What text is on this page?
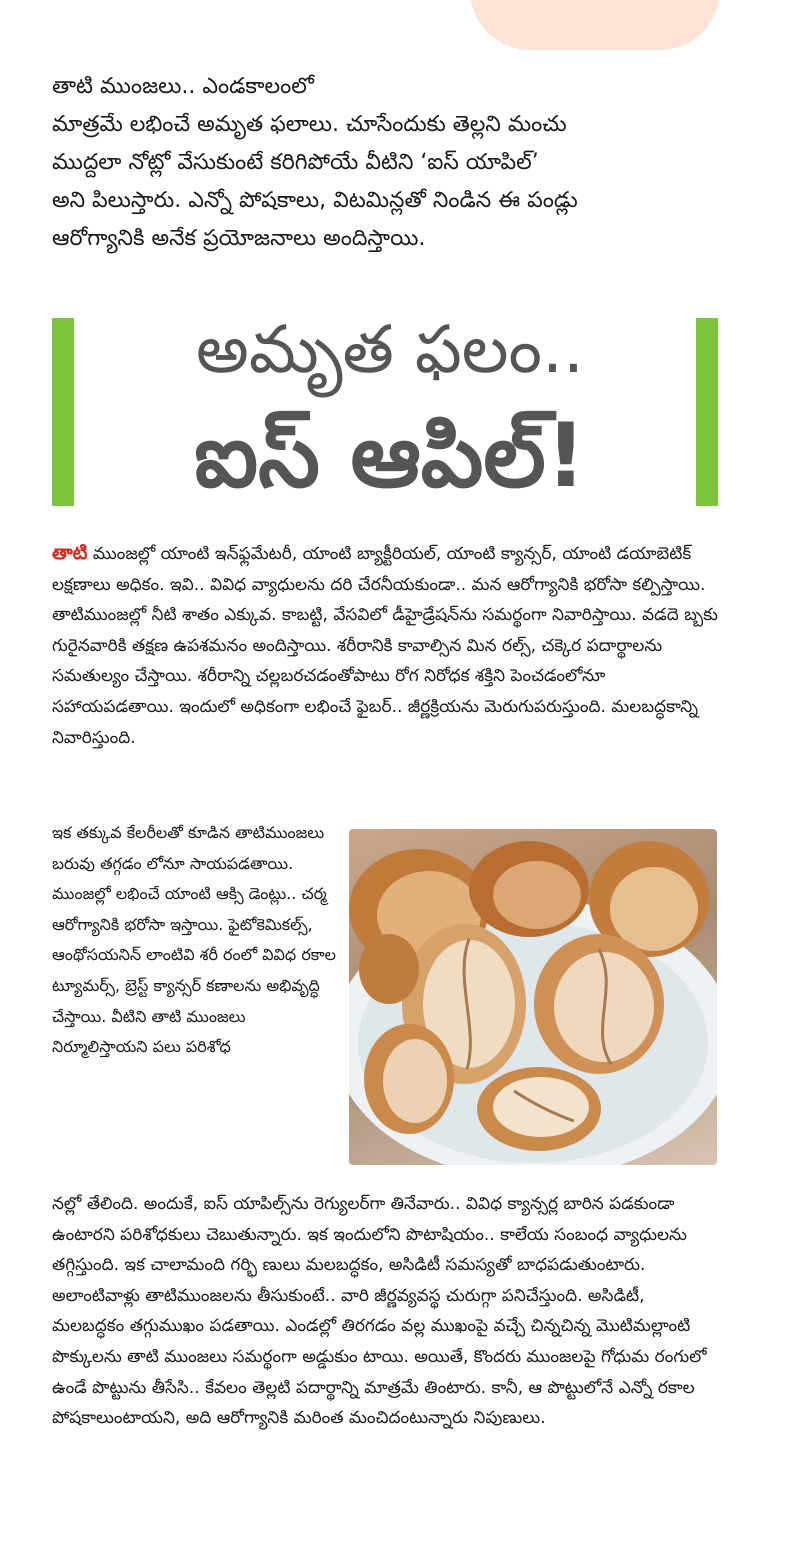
తాటి ముంజలు.. ఎండకాలంలో

మాత్రమే లభించే అమృత ఫలాలు. చూసేందుకు తెల్లని మంచు

ముద్దలా నోట్లో వేసుకుంటే కరిగిపోయే వీటిని ‘ఐస్ యాపిల్’

అని పిలుస్తారు. ఎన్నో పోషకాలు, విటమిన్లతో నిండిన ఈ పండ్లు

ఆరోగ్యానికి అనేక ప్రయోజనాలు అందిస్తాయి.

అమృత ఫలం..
ఐస్ ఆపిల్!

తాటి ముంజల్లో యాంటి ఇన్‌ఫ్లమేటరీ, యాంటి బ్యాక్టీరియల్, యాంటి క్యాన్సర్, యాంటి డయాబెటిక్ లక్షణాలు అధికం. ఇవి.. వివిధ వ్యాధులను దరి చేరనీయకుండా.. మన ఆరోగ్యానికి భరోసా కల్పిస్తాయి. తాటిముంజల్లో నీటి శాతం ఎక్కువ. కాబట్టి, వేసవిలో డీహైడ్రేషన్‌ను సమర్థంగా నివారిస్తాయి. వడదె బ్బకు గురైనవారికి తక్షణ ఉపశమనం అందిస్తాయి. శరీరానికి కావాల్సిన మిన రల్స్, చక్కెర పదార్థాలను సమతుల్యం చేస్తాయి. శరీరాన్ని చల్లబరచడంతోపాటు రోగ నిరోధక శక్తిని పెంచడంలోనూ సహాయపడతాయి. ఇందులో అధికంగా లభించే ఫైబర్.. జీర్ణక్రియను మెరుగుపరుస్తుంది. మలబద్ధకాన్ని నివారిస్తుంది.

ఇక తక్కువ కేలరీలతో కూడిన తాటిముంజలు బరువు తగ్గడం లోనూ సాయపడతాయి. ముంజల్లో లభించే యాంటి ఆక్సి డెంట్లు.. చర్మ ఆరోగ్యానికి భరోసా ఇస్తాయి. ఫైటోకెమికల్స్, ఆంథోసయనిన్ లాంటివి శరీ రంలో వివిధ రకాల ట్యూమర్స్, బ్రెస్ట్ క్యాన్సర్ కణాలను అభివృద్ధి చేస్తాయి. వీటిని తాటి ముంజలు నిర్మూలిస్తాయని పలు పరిశోధ

నల్లో తేలింది. అందుకే, ఐస్ యాపిల్స్‌ను రెగ్యులర్‌గా తినేవారు.. వివిధ క్యాన్సర్ల బారిన పడకుండా ఉంటారని పరిశోధకులు చెబుతున్నారు. ఇక ఇందులోని పొటాషియం.. కాలేయ సంబంధ వ్యాధులను తగ్గిస్తుంది. ఇక చాలామంది గర్భి ణులు మలబద్ధకం, అసిడిటీ సమస్యతో బాధపడుతుంటారు. అలాంటివాళ్లు తాటిముంజలను తీసుకుంటే.. వారి జీర్ణవ్యవస్థ చురుగ్గా పనిచేస్తుంది. అసిడిటీ, మలబద్ధకం తగ్గుముఖం పడతాయి. ఎండల్లో తిరగడం వల్ల ముఖంపై వచ్చే చిన్నచిన్న మొటిమల్లాంటి పొక్కులను తాటి ముంజలు సమర్థంగా అడ్డుకుం టాయి. అయితే, కొందరు ముంజలపై గోధుమ రంగులో ఉండే పొట్టును తీసేసి.. కేవలం తెల్లటి పదార్థాన్ని మాత్రమే తింటారు. కానీ, ఆ పొట్టులోనే ఎన్నో రకాల పోషకాలుంటాయని, అది ఆరోగ్యానికి మరింత మంచిదంటున్నారు నిపుణులు.
